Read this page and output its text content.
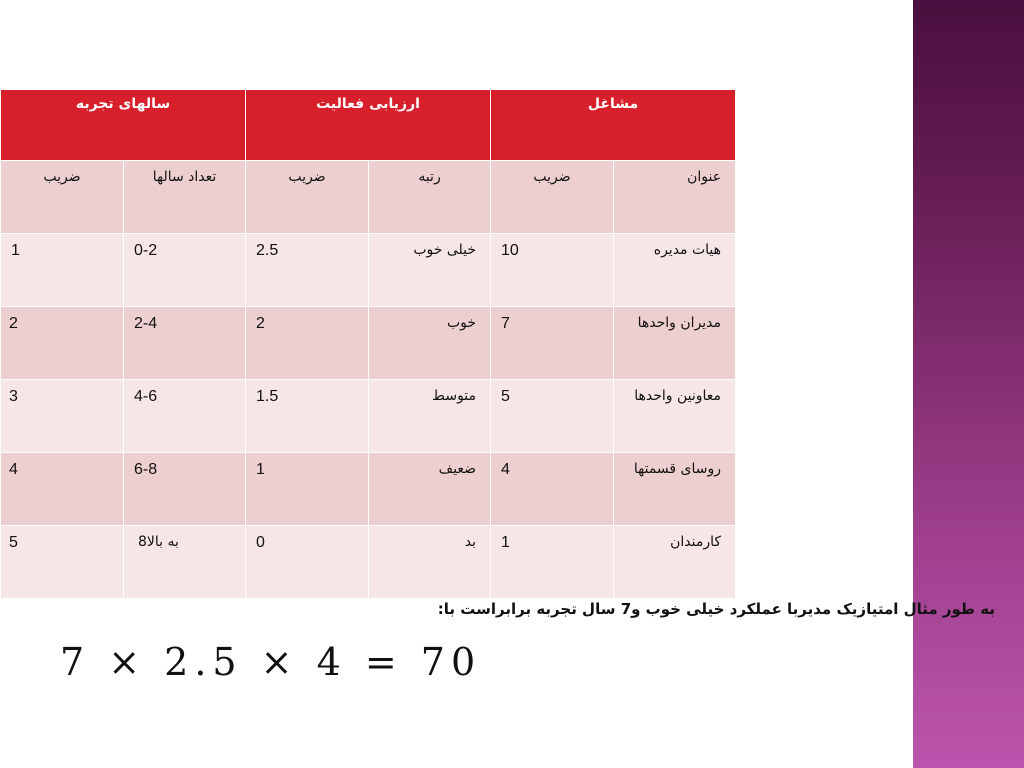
سالهای تجربه		ارزیابی فعالیت		مشاغل	

ضریب	تعداد سالها	ضریب	رتبه	ضریب	عنوان

1	0-2	2.5	خیلی خوب	10	هیات مدیره

2	2-4	2	خوب	7	مدیران واحدها

3	4-6	1.5	متوسط	5	معاونین واحدها

4	6-8	1	ضعیف	4	روسای قسمتها

5	8به بالا	0	بد	1	کارمندان
به طور مثال امتیازیک مدیربا عملکرد خیلی خوب و7 سال تجربه برابراست با:
7 × 2.5 × 4 = 70
